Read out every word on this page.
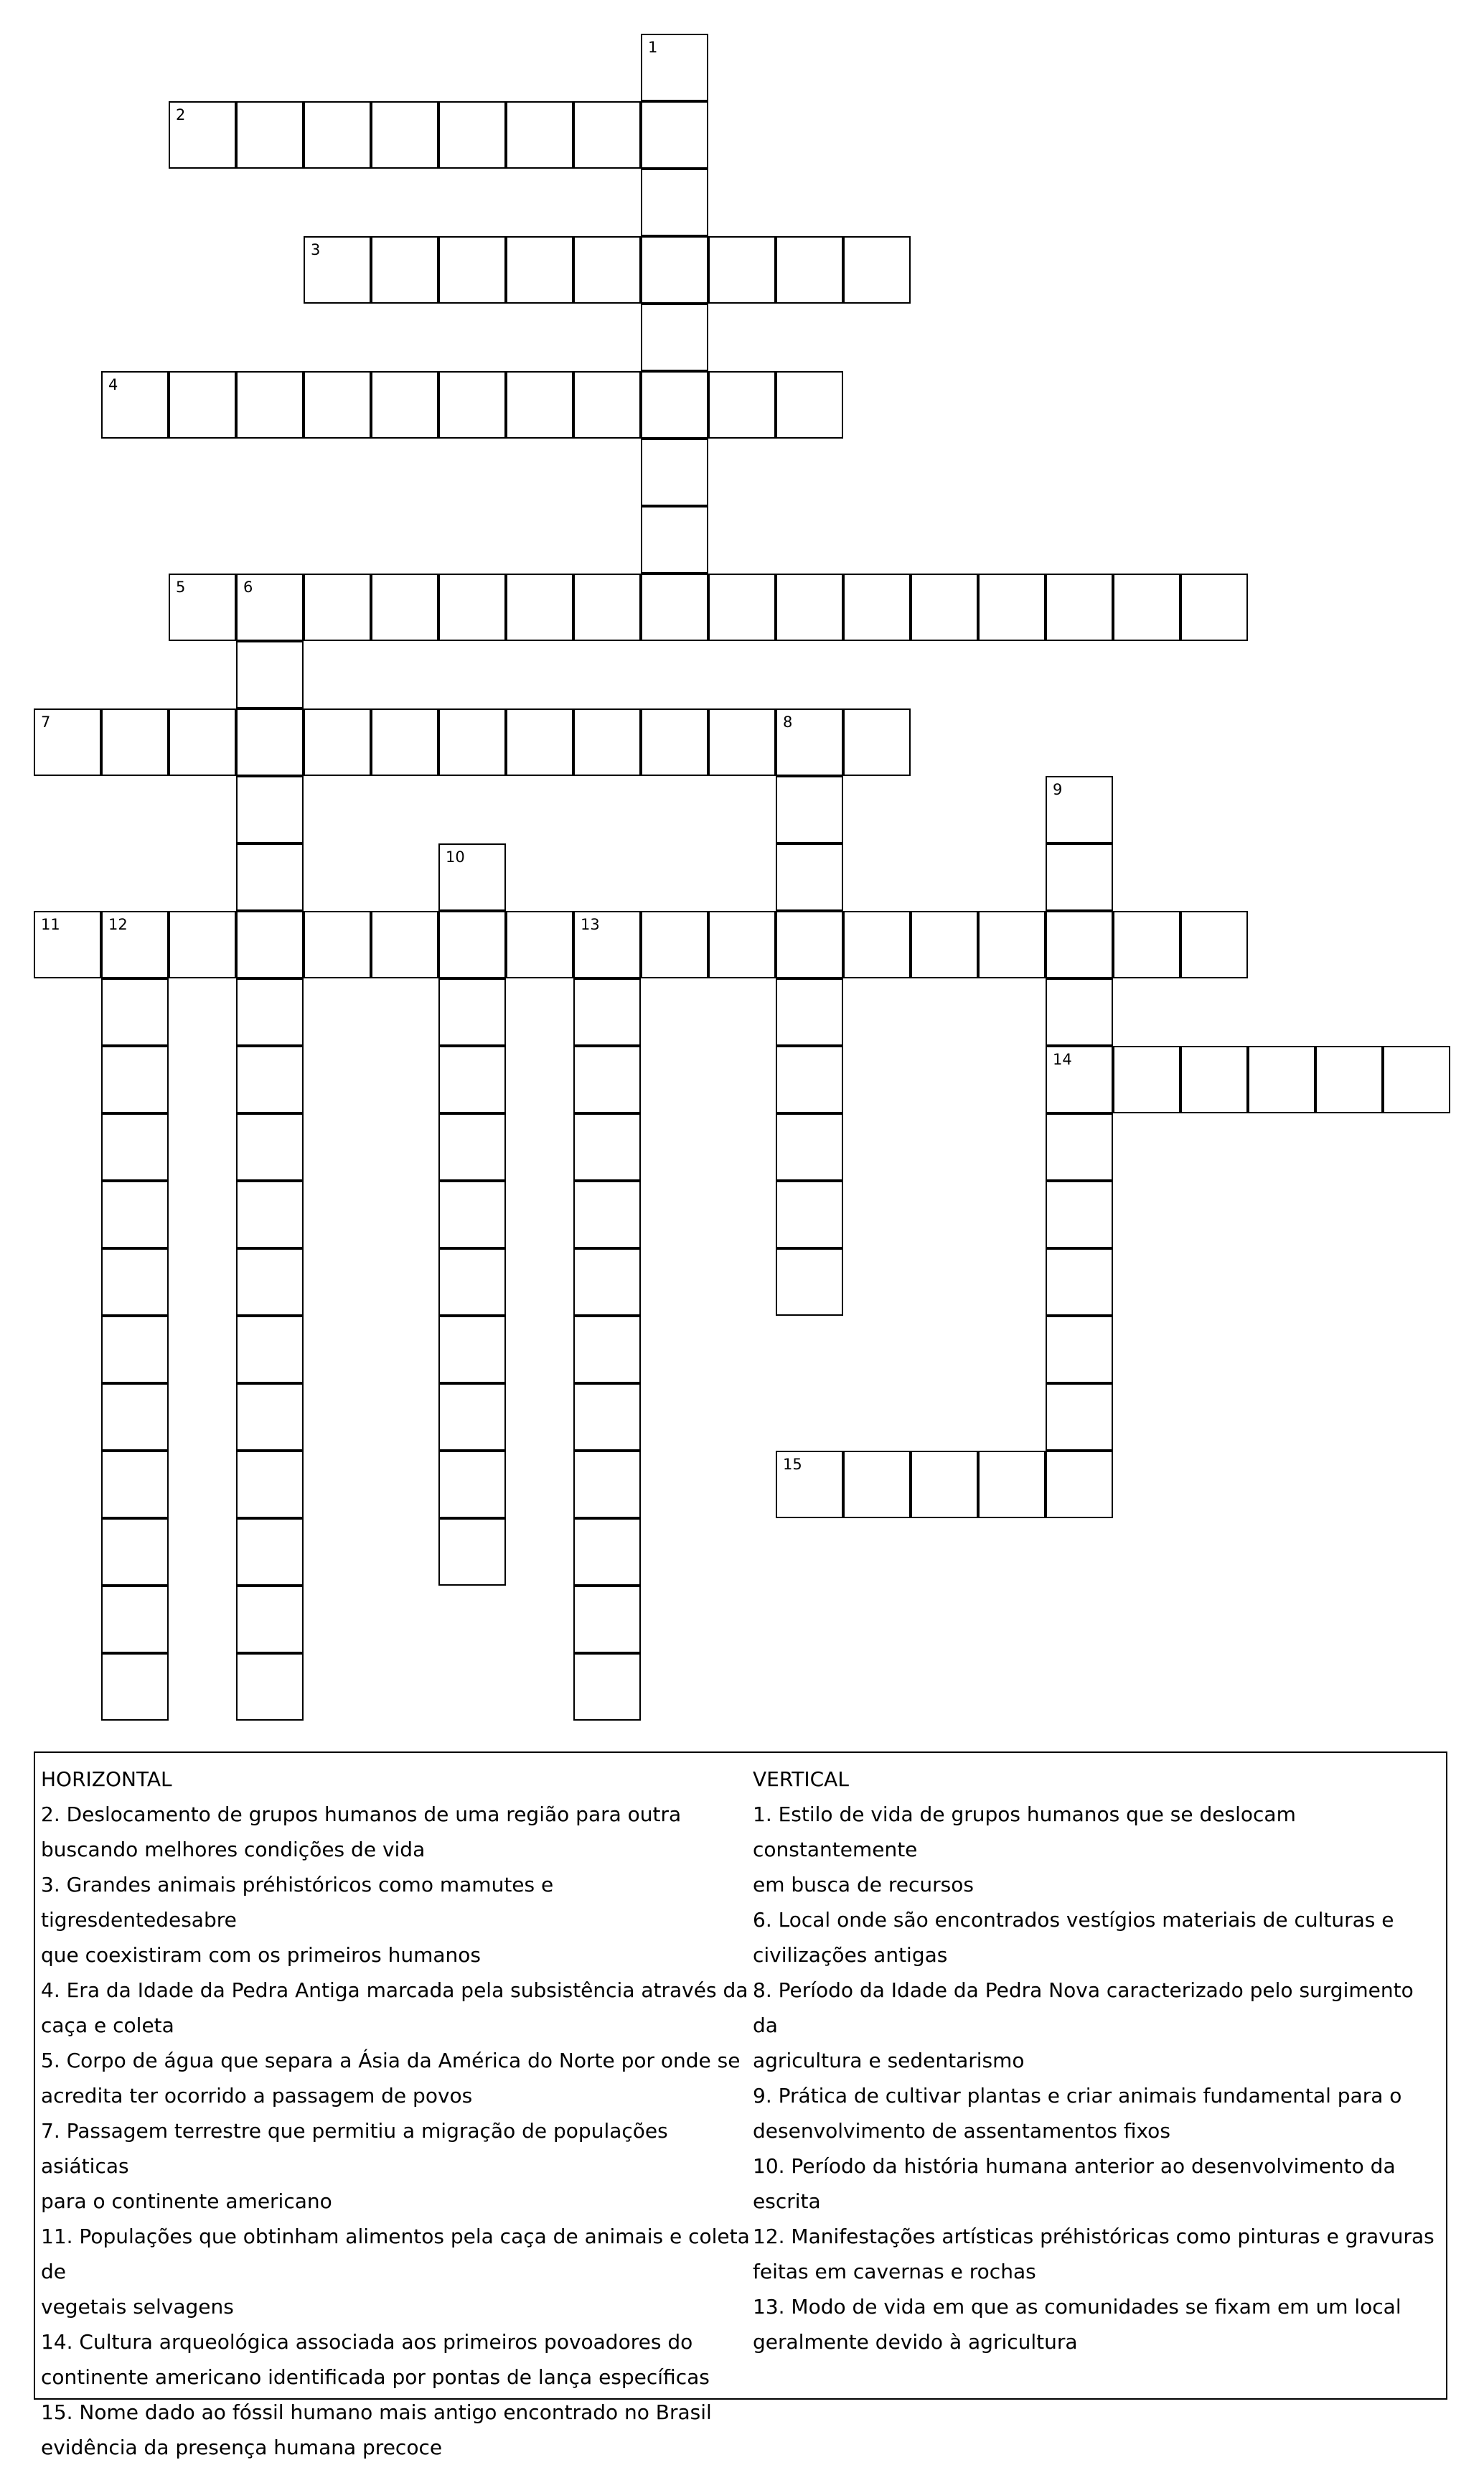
1
2
3
4
5	6
7	8
9
14
10
11	12	13
15

HORIZONTAL

2. Deslocamento de grupos humanos de uma região para outra

buscando melhores condições de vida

3. Grandes animais préhistóricos como mamutes e tigresdentedesabre

que coexistiram com os primeiros humanos

4. Era da Idade da Pedra Antiga marcada pela subsistência através da

caça e coleta

5. Corpo de água que separa a Ásia da América do Norte por onde se

acredita ter ocorrido a passagem de povos

7. Passagem terrestre que permitiu a migração de populações asiáticas

para o continente americano

11. Populações que obtinham alimentos pela caça de animais e coleta de

vegetais selvagens

14. Cultura arqueológica associada aos primeiros povoadores do

continente americano identificada por pontas de lança específicas

15. Nome dado ao fóssil humano mais antigo encontrado no Brasil

evidência da presença humana precoce

VERTICAL

1. Estilo de vida de grupos humanos que se deslocam constantemente

em busca de recursos

6. Local onde são encontrados vestígios materiais de culturas e

civilizações antigas

8. Período da Idade da Pedra Nova caracterizado pelo surgimento da

agricultura e sedentarismo

9. Prática de cultivar plantas e criar animais fundamental para o

desenvolvimento de assentamentos fixos

10. Período da história humana anterior ao desenvolvimento da escrita

12. Manifestações artísticas préhistóricas como pinturas e gravuras

feitas em cavernas e rochas

13. Modo de vida em que as comunidades se fixam em um local

geralmente devido à agricultura
